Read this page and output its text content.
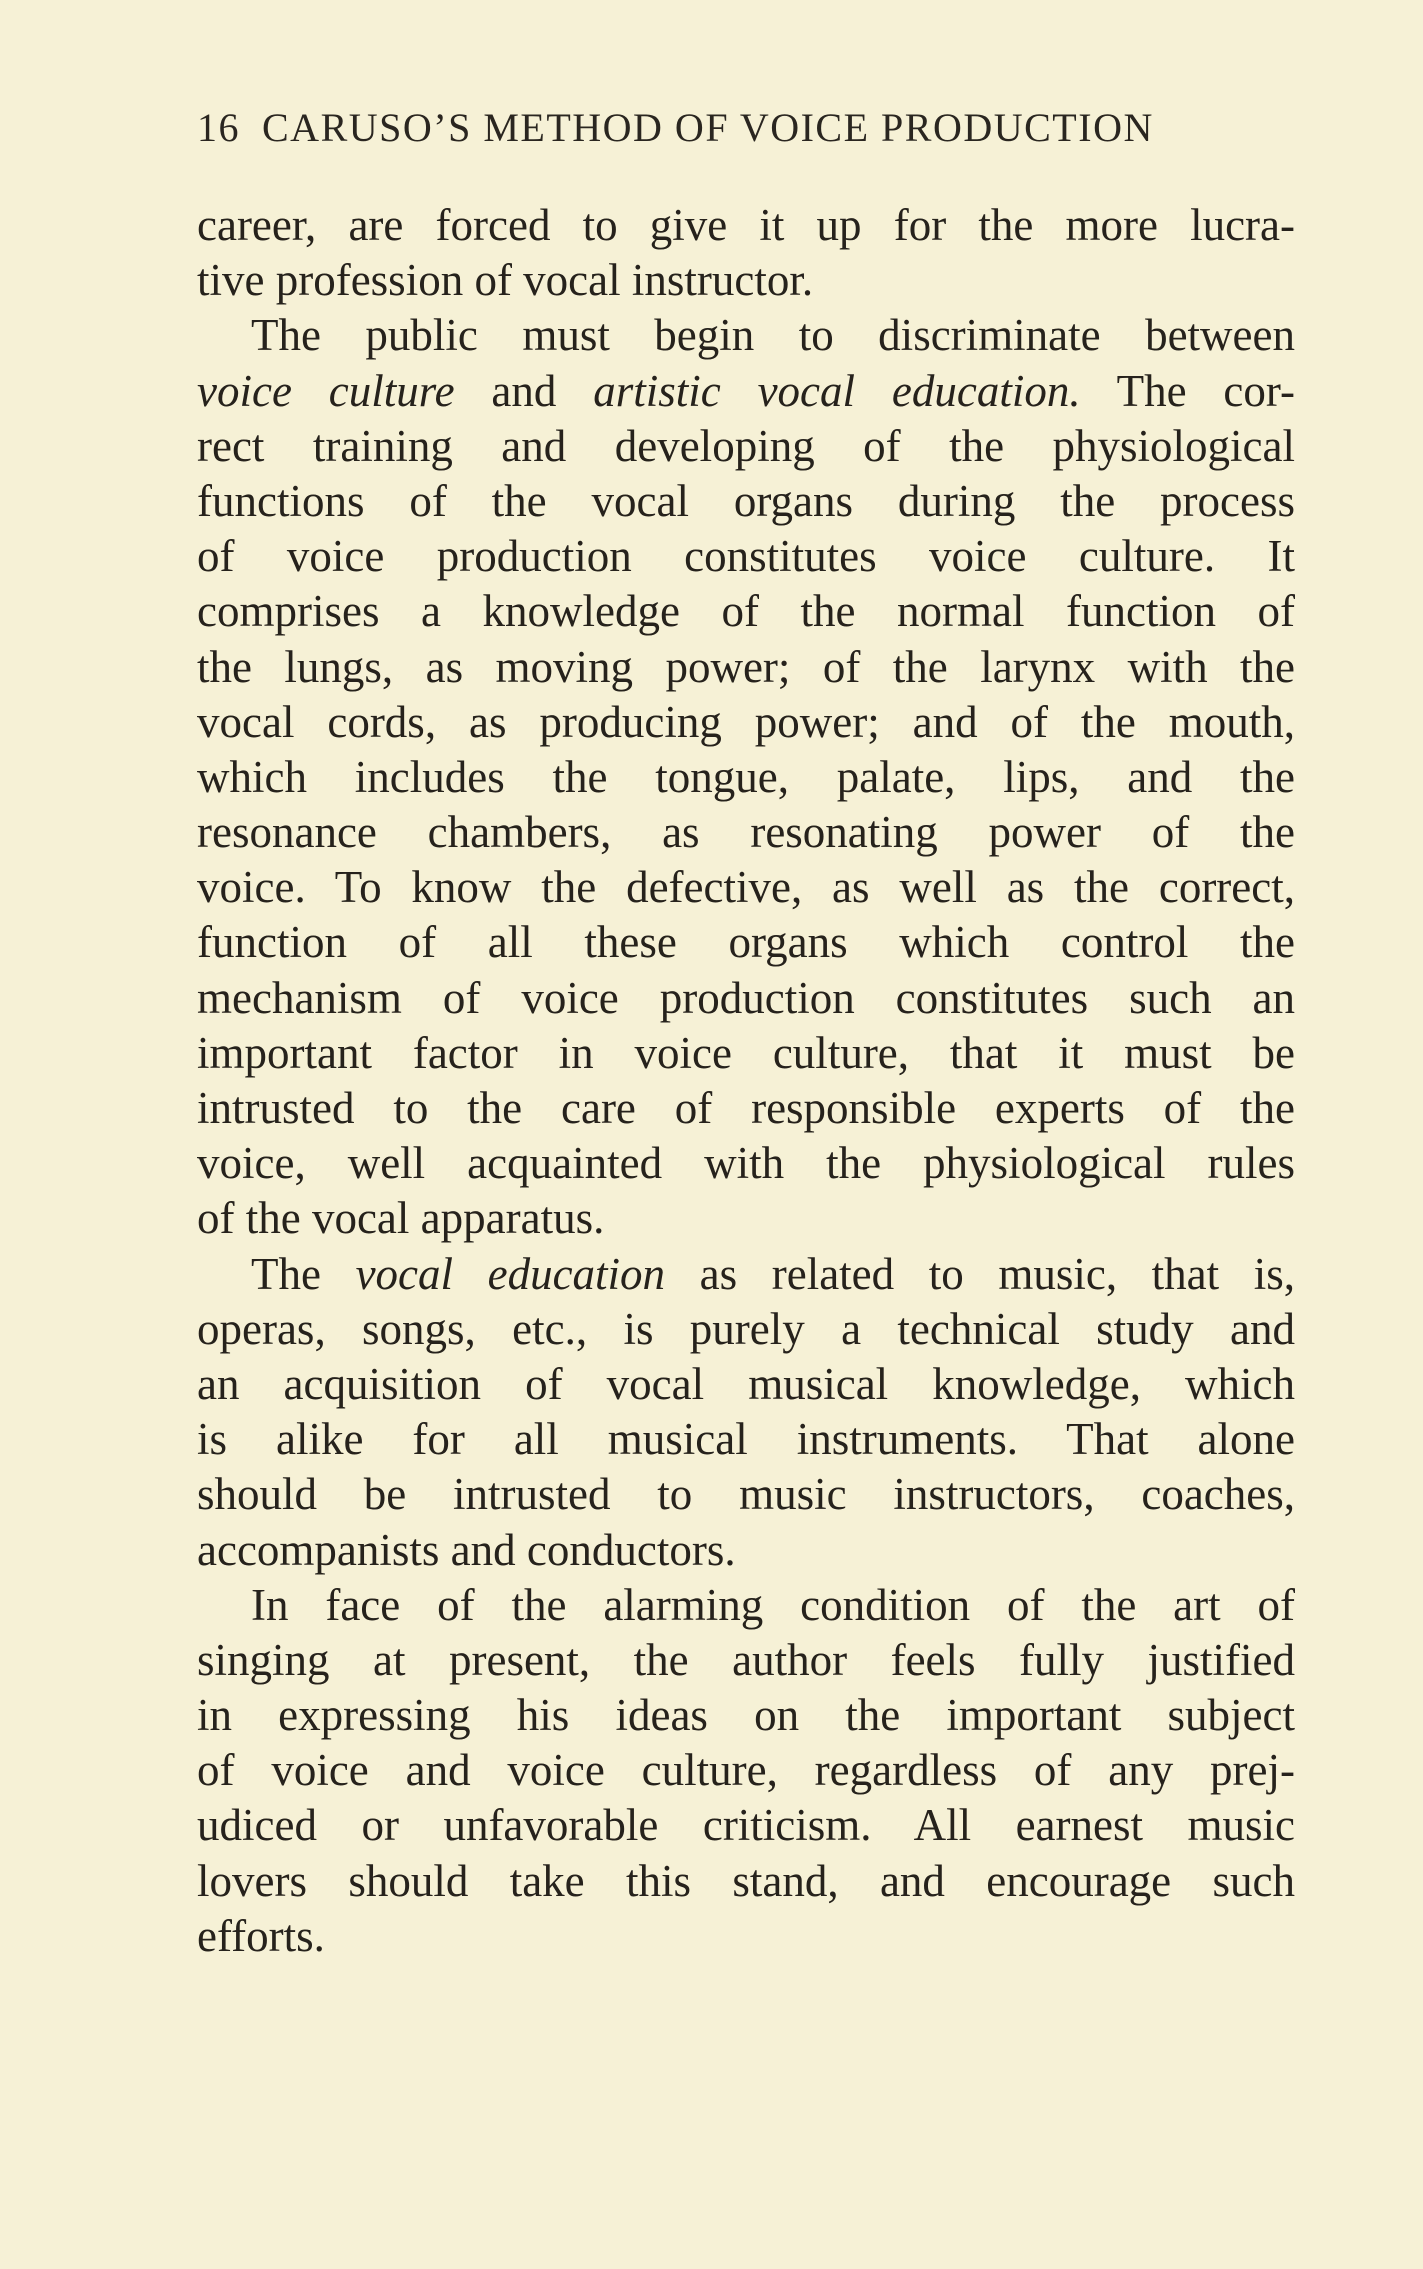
16 CARUSO’S METHOD OF VOICE PRODUCTION
career, are forced to give it up for the more lucra-
tive profession of vocal instructor.
The public must begin to discriminate between
voice culture and artistic vocal education. The cor-
rect training and developing of the physiological
functions of the vocal organs during the process
of voice production constitutes voice culture. It
comprises a knowledge of the normal function of
the lungs, as moving power; of the larynx with the
vocal cords, as producing power; and of the mouth,
which includes the tongue, palate, lips, and the
resonance chambers, as resonating power of the
voice. To know the defective, as well as the correct,
function of all these organs which control the
mechanism of voice production constitutes such an
important factor in voice culture, that it must be
intrusted to the care of responsible experts of the
voice, well acquainted with the physiological rules
of the vocal apparatus.
The vocal education as related to music, that is,
operas, songs, etc., is purely a technical study and
an acquisition of vocal musical knowledge, which
is alike for all musical instruments. That alone
should be intrusted to music instructors, coaches,
accompanists and conductors.
In face of the alarming condition of the art of
singing at present, the author feels fully justified
in expressing his ideas on the important subject
of voice and voice culture, regardless of any prej-
udiced or unfavorable criticism. All earnest music
lovers should take this stand, and encourage such
efforts.
